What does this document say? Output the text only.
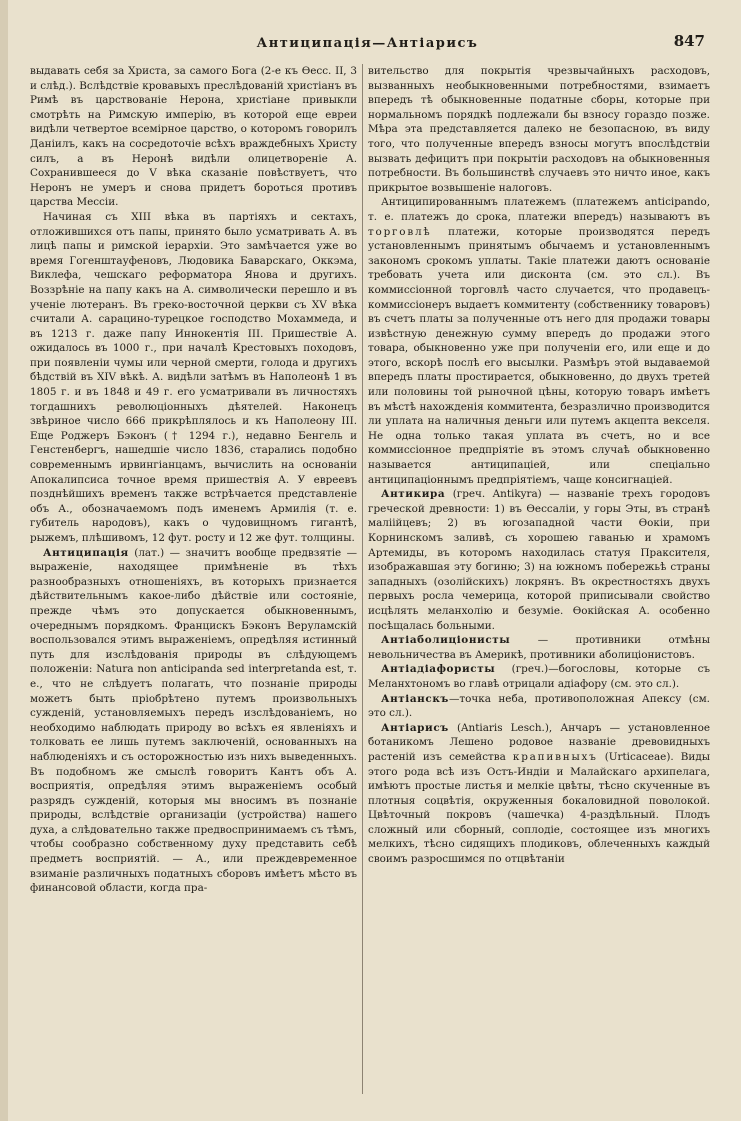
Антиципація—Антіарисъ	847

выдавать себя за Христа, за самого Бога (2-е къ Өесс. II, 3 и слѣд.). Вслѣдствіе кровавыхъ преслѣдованій христіанъ въ Римѣ въ царствованіе Нерона, христіане привыкли смотрѣть на Римскую имперію, въ которой еще евреи видѣли четвертое всемірное царство, о которомъ говорилъ Даніилъ, какъ на сосредоточіе всѣхъ враждебныхъ Христу силъ, а въ Неронѣ видѣли олицетвореніе А. Сохранившееся до V вѣка сказаніе повѣствуетъ, что Неронъ не умеръ и снова придетъ бороться противъ царства Мессіи.

Начиная съ XIII вѣка въ партіяхъ и сектахъ, отложившихся отъ папы, принято было усматривать А. въ лицѣ папы и римской іерархіи. Это замѣчается уже во время Гогенштауфеновъ, Людовика Баварскаго, Оккэма, Виклефа, чешскаго реформатора Яновa и другихъ. Воззрѣніе на папу какъ на А. символически перешло и въ ученіе лютеранъ. Въ греко-восточной церкви съ XV вѣка считали А. сарацино-турецкое господство Мохаммеда, и въ 1213 г. даже папу Иннокентія III. Пришествіе А. ожидалось въ 1000 г., при началѣ Крестовыхъ походовъ, при появленіи чумы или черной смерти, голода и другихъ бѣдствій въ XIV вѣкѣ. А. видѣли затѣмъ въ Наполеонѣ 1 въ 1805 г. и въ 1848 и 49 г. его усматривали въ личностяхъ тогдашнихъ революціонныхъ дѣятелей. Наконецъ звѣриное число 666 прикрѣплялось и къ Наполеону III. Еще Роджеръ Бэконъ († 1294 г.), недавно Бенгель и Генстенбергъ, нашедшіе число 1836, старались подобно современнымъ ирвингіанцамъ, вычислить на основаніи Апокалипсиса точное время пришествія А. У евреевъ позднѣйшихъ временъ также встрѣчается представленіе объ А., обозначаемомъ подъ именемъ Армилія (т. е. губитель народовъ), какъ о чудовищномъ гигантѣ, рыжемъ, плѣшивомъ, 12 фут. росту и 12 же фут. толщины.

Антиципація (лат.) — значитъ вообще предвзятіе — выраженіе, находящее примѣненіе въ тѣхъ разнообразныхъ отношеніяхъ, въ которыхъ признается дѣйствительнымъ какое-либо дѣйствіе или состояніе, прежде чѣмъ это допускается обыкновеннымъ, очереднымъ порядкомъ. Францискъ Бэконъ Веруламскій воспользовался этимъ выраженіемъ, опредѣляя истинный путь для изслѣдованія природы въ слѣдующемъ положеніи: Natura non anticipanda sed interpretanda est, т. е., что не слѣдуетъ полагать, что познаніе природы можетъ быть пріобрѣтено путемъ произвольныхъ сужденій, установляемыхъ передъ изслѣдованіемъ, но необходимо наблюдать природу во всѣхъ ея явленіяхъ и толковать ее лишь путемъ заключеній, основанныхъ на наблюденіяхъ и съ осторожностью изъ нихъ выведенныхъ. Въ подобномъ же смыслѣ говоритъ Кантъ объ А. восприятія, опредѣляя этимъ выраженіемъ особый разрядъ сужденій, которыя мы вносимъ въ познаніе природы, вслѣдствіе организаціи (устройства) нашего духа, а слѣдовательно также предвоспринимаемъ съ тѣмъ, чтобы сообразно собственному духу представить себѣ предметъ восприятій. — А., или преждевременное взиманіе различныхъ податныхъ сборовъ имѣетъ мѣсто въ финансовой области, когда пра-

вительство для покрытія чрезвычайныхъ расходовъ, вызванныхъ необыкновенными потребностями, взимаетъ впередъ тѣ обыкновенные податные сборы, которые при нормальномъ порядкѣ подлежали бы взносу гораздо позже. Мѣра эта представляется далеко не безопасною, въ виду того, что полученные впередъ взносы могутъ впослѣдствіи вызвать дефицитъ при покрытіи расходовъ на обыкновенныя потребности. Въ большинствѣ случаевъ это ничто иное, какъ прикрытое возвышеніе налоговъ.

Антиципированнымъ платежемъ (платежемъ anticipando, т. е. платежъ до срока, платежи впередъ) называютъ въ торговлѣ платежи, которые производятся передъ установленнымъ принятымъ обычаемъ и установленнымъ закономъ срокомъ уплаты. Такіе платежи даютъ основаніе требовать учета или дисконта (см. это сл.). Въ коммиссіонной торговлѣ часто случается, что продавецъ-коммиссіонеръ выдаетъ коммитенту (собственнику товаровъ) въ счетъ платы за полученные отъ него для продажи товары извѣстную денежную сумму впередъ до продажи этого товара, обыкновенно уже при полученіи его, или еще и до этого, вскорѣ послѣ его высылки. Размѣръ этой выдаваемой впередъ платы простирается, обыкновенно, до двухъ третей или половины той рыночной цѣны, которую товаръ имѣетъ въ мѣстѣ нахожденія коммитента, безразлично производится ли уплата на наличныя деньги или путемъ акцепта векселя. Не одна только такая уплата въ счетъ, но и все коммиссіонное предпріятіе въ этомъ случаѣ обыкновенно называется антиципацiей, или спеціально антиципаціоннымъ предпріятіемъ, чаще консигнаціей.

Антикира (греч. Antikyra) — названіе трехъ городовъ греческой древности: 1) въ Өессаліи, у горы Эты, въ странѣ маліійцевъ; 2) въ югозападной части Өокіи, при Корнинскомъ заливѣ, съ хорошею гаванью и храмомъ Артемиды, въ которомъ находилась статуя Праксителя, изображавшая эту богиню; 3) на южномъ побережьѣ страны западныхъ (озолійскихъ) локрянъ. Въ окрестностяхъ двухъ первыхъ росла чемерица, которой приписывали свойство исцѣлять меланхолію и безуміе. Өокійская А. особенно посѣщалась больными.

Антіаболиціонисты — противники отмѣны невольничества въ Америкѣ, противники аболиціонистовъ.

Антіадіафористы (греч.)—богословы, которые съ Меланхтономъ во главѣ отрицали адіафору (см. это сл.).

Антіанскъ—точка неба, противоположная Апексу (см. это сл.).

Антіарисъ (Antiaris Lesch.), Анчаръ — установленное ботаникомъ Лешено родовое названіе древовидныхъ растеній изъ семейства крапивныхъ (Urticaceae). Виды этого рода всѣ изъ Остъ-Индіи и Малайскаго архипелага, имѣютъ простые листья и мелкіе цвѣты, тѣсно скученные въ плотныя соцвѣтія, окруженныя бокаловидной поволокой. Цвѣточный покровъ (чашечка) 4-раздѣльный. Плодъ сложный или сборный, соплодіе, состоящее изъ многихъ мелкихъ, тѣсно сидящихъ плодиковъ, облеченныхъ каждый своимъ разросшимся по отцвѣтаніи
